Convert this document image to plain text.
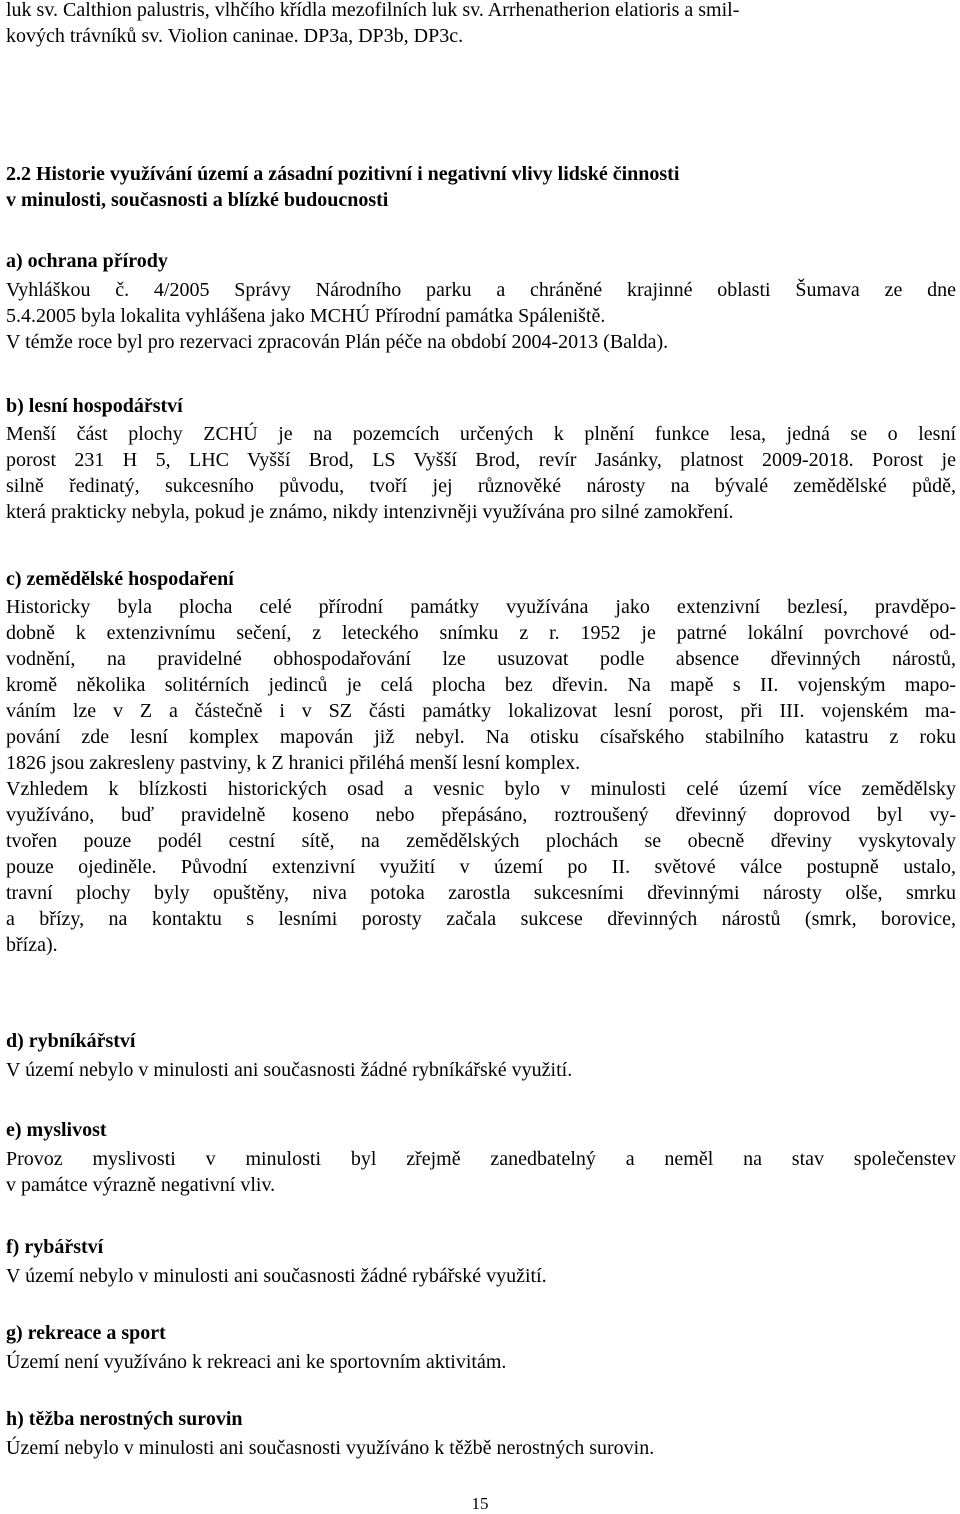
luk sv. Calthion palustris, vlhčího křídla mezofilních luk sv. Arrhenatherion elatioris a smil-
kových trávníků sv. Violion caninae. DP3a, DP3b, DP3c.
2.2 Historie využívání území a zásadní pozitivní i negativní vlivy lidské činnosti
v minulosti, současnosti a blízké budoucnosti
a) ochrana přírody
Vyhláškou č. 4/2005 Správy Národního parku a chráněné krajinné oblasti Šumava ze dne
5.4.2005 byla lokalita vyhlášena jako MCHÚ Přírodní památka Spáleniště.
V témže roce byl pro rezervaci zpracován Plán péče na období 2004-2013 (Balda).
b) lesní hospodářství
Menší část plochy ZCHÚ je na pozemcích určených k plnění funkce lesa, jedná se o lesní
porost 231 H 5, LHC Vyšší Brod, LS Vyšší Brod, revír Jasánky, platnost 2009-2018. Porost je
silně ředinatý, sukcesního původu, tvoří jej různověké nárosty na bývalé zemědělské půdě,
která prakticky nebyla, pokud je známo, nikdy intenzivněji využívána pro silné zamokření.
c) zemědělské hospodaření
Historicky byla plocha celé přírodní památky využívána jako extenzivní bezlesí, pravděpo-
dobně k extenzivnímu sečení, z leteckého snímku z r. 1952 je patrné lokální povrchové od-
vodnění, na pravidelné obhospodařování lze usuzovat podle absence dřevinných nárostů,
kromě několika solitérních jedinců je celá plocha bez dřevin. Na mapě s II. vojenským mapo-
váním lze v Z a částečně i v SZ části památky lokalizovat lesní porost, při III. vojenském ma-
pování zde lesní komplex mapován již nebyl. Na otisku císařského stabilního katastru z roku
1826 jsou zakresleny pastviny, k Z hranici přiléhá menší lesní komplex.
Vzhledem k blízkosti historických osad a vesnic bylo v minulosti celé území více zemědělsky
využíváno, buď pravidelně koseno nebo přepásáno, roztroušený dřevinný doprovod byl vy-
tvořen pouze podél cestní sítě, na zemědělských plochách se obecně dřeviny vyskytovaly
pouze ojediněle. Původní extenzivní využití v území po II. světové válce postupně ustalo,
travní plochy byly opuštěny, niva potoka zarostla sukcesními dřevinnými nárosty olše, smrku
a břízy, na kontaktu s lesními porosty začala sukcese dřevinných nárostů (smrk, borovice,
bříza).
d) rybníkářství
V území nebylo v minulosti ani současnosti žádné rybníkářské využití.
e) myslivost
Provoz myslivosti v minulosti byl zřejmě zanedbatelný a neměl na stav společenstev
v památce výrazně negativní vliv.
f) rybářství
V území nebylo v minulosti ani současnosti žádné rybářské využití.
g) rekreace a sport
Území není využíváno k rekreaci ani ke sportovním aktivitám.
h) těžba nerostných surovin
Území nebylo v minulosti ani současnosti využíváno k těžbě nerostných surovin.
15
